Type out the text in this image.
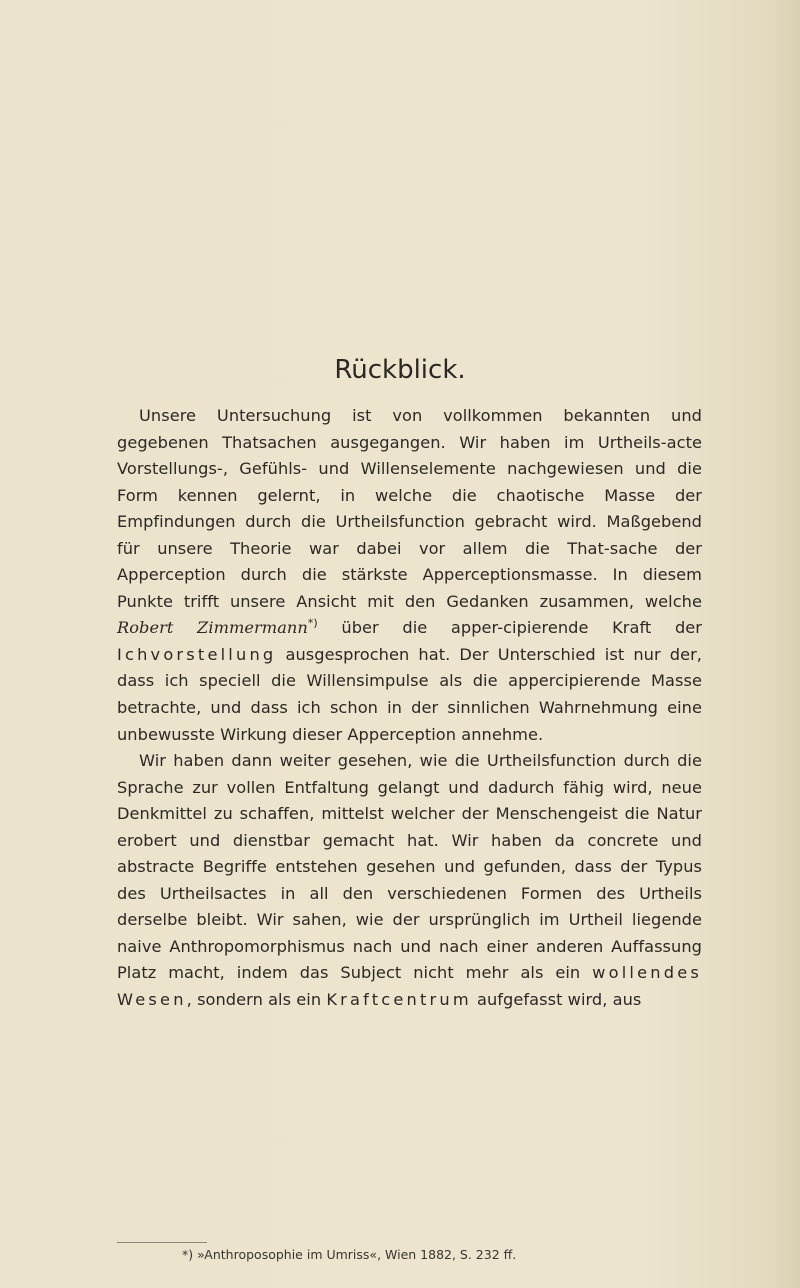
Rückblick.

Unsere Untersuchung ist von vollkommen bekannten und gegebenen Thatsachen ausgegangen. Wir haben im Urtheils-acte Vorstellungs-, Gefühls- und Willenselemente nachgewiesen und die Form kennen gelernt, in welche die chaotische Masse der Empfindungen durch die Urtheilsfunction gebracht wird. Maßgebend für unsere Theorie war dabei vor allem die That-sache der Apperception durch die stärkste Apperceptionsmasse. In diesem Punkte trifft unsere Ansicht mit den Gedanken zusammen, welche Robert Zimmermann*) über die apper-cipierende Kraft der Ichvorstellung ausgesprochen hat. Der Unterschied ist nur der, dass ich speciell die Willensimpulse als die appercipierende Masse betrachte, und dass ich schon in der sinnlichen Wahrnehmung eine unbewusste Wirkung dieser Apperception annehme.

Wir haben dann weiter gesehen, wie die Urtheilsfunction durch die Sprache zur vollen Entfaltung gelangt und dadurch fähig wird, neue Denkmittel zu schaffen, mittelst welcher der Menschengeist die Natur erobert und dienstbar gemacht hat. Wir haben da concrete und abstracte Begriffe entstehen gesehen und gefunden, dass der Typus des Urtheilsactes in all den verschiedenen Formen des Urtheils derselbe bleibt. Wir sahen, wie der ursprünglich im Urtheil liegende naive Anthropomorphismus nach und nach einer anderen Auffassung Platz macht, indem das Subject nicht mehr als ein wollendes Wesen, sondern als ein Kraftcentrum aufgefasst wird, aus

*) »Anthroposophie im Umriss«, Wien 1882, S. 232 ff.
